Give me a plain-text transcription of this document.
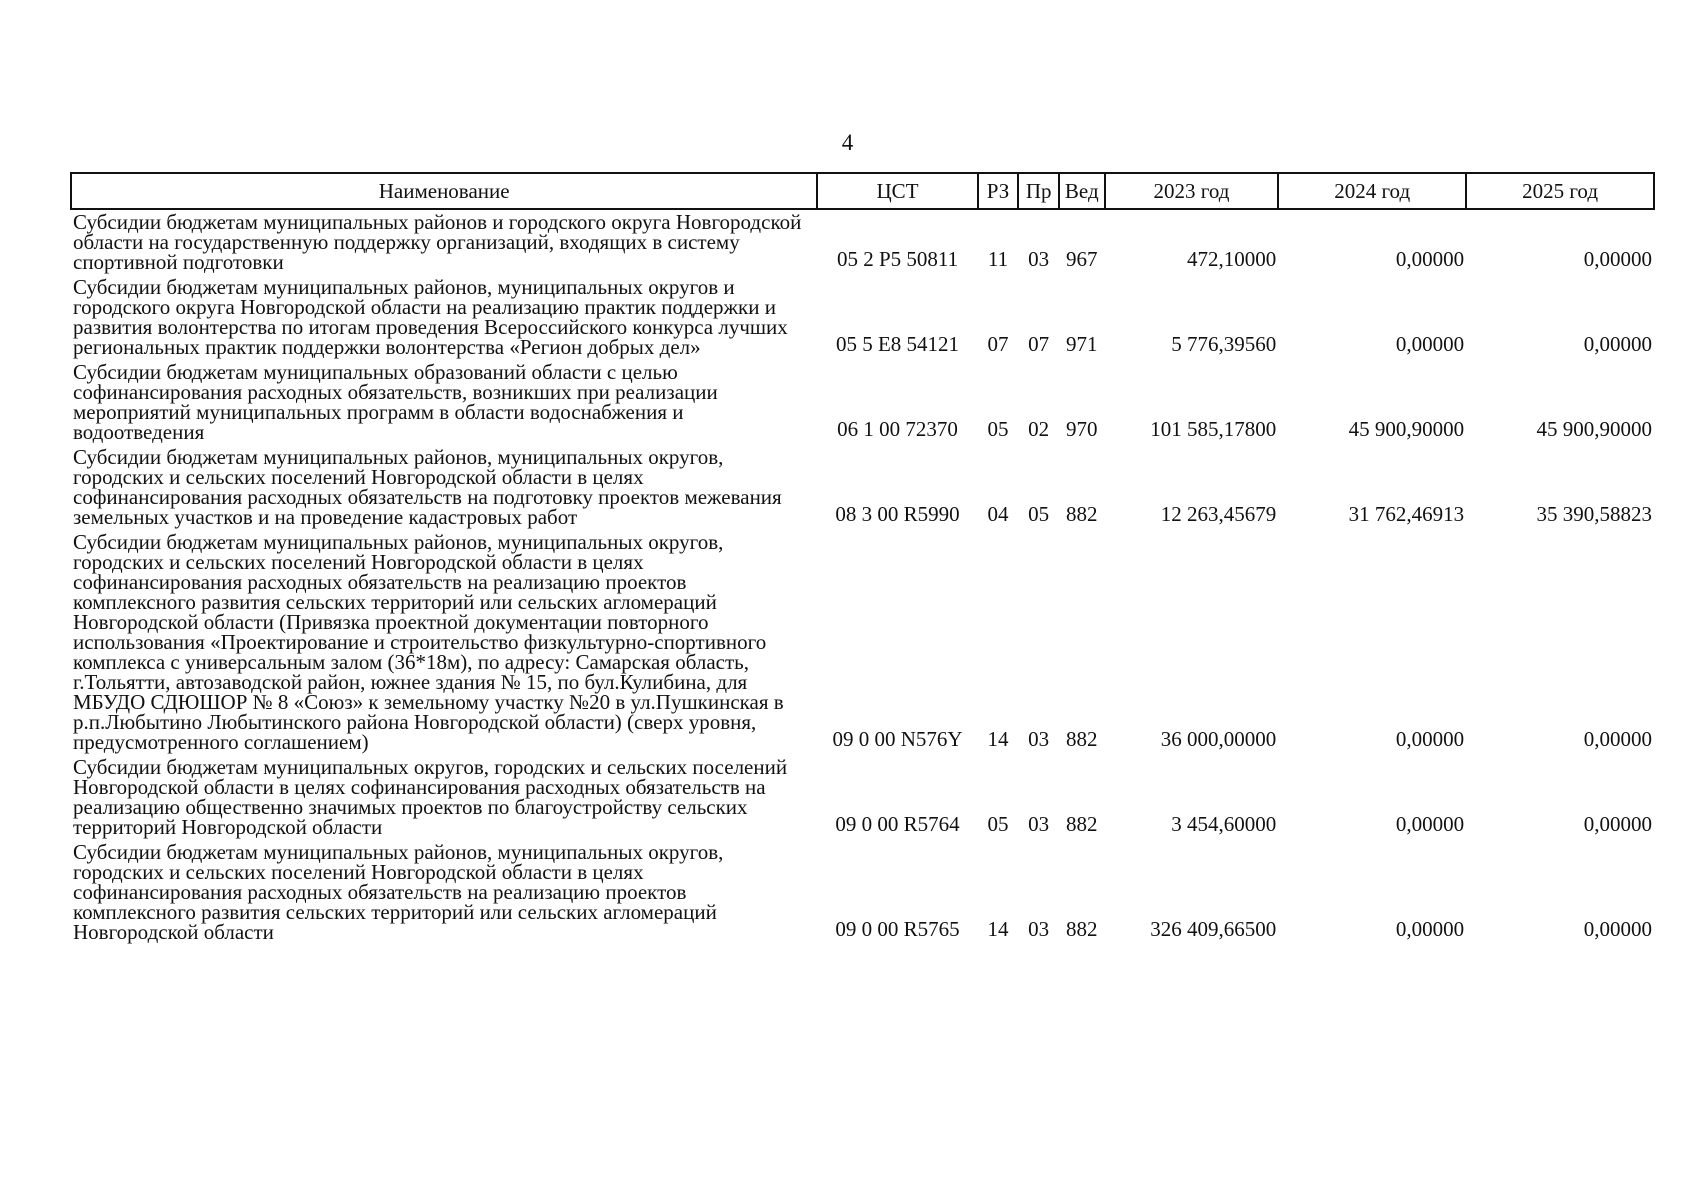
4
Наименование	ЦСТ	РЗ	Пр	Вед	2023 год	2024 год	2025 год
Субсидии бюджетам муниципальных районов и городского округа Новгородской области на государственную поддержку организаций, входящих в систему спортивной подготовки	05 2 P5 50811	11	03	967	472,10000	0,00000	0,00000
Субсидии бюджетам муниципальных районов, муниципальных округов и городского округа Новгородской области на реализацию практик поддержки и развития волонтерства по итогам проведения Всероссийского конкурса лучших региональных практик поддержки волонтерства «Регион добрых дел»	05 5 E8 54121	07	07	971	5 776,39560	0,00000	0,00000
Субсидии бюджетам муниципальных образований области с целью софинансирования расходных обязательств, возникших при реализации мероприятий муниципальных программ в области водоснабжения и водоотведения	06 1 00 72370	05	02	970	101 585,17800	45 900,90000	45 900,90000
Субсидии бюджетам муниципальных районов, муниципальных округов, городских и сельских поселений Новгородской области в целях софинансирования расходных обязательств на подготовку проектов межевания земельных участков и на проведение кадастровых работ	08 3 00 R5990	04	05	882	12 263,45679	31 762,46913	35 390,58823
Субсидии бюджетам муниципальных районов, муниципальных округов, городских и сельских поселений Новгородской области в целях софинансирования расходных обязательств на реализацию проектов комплексного развития сельских территорий или сельских агломераций Новгородской области (Привязка проектной документации повторного использования «Проектирование и строительство физкультурно-спортивного комплекса с универсальным залом (36*18м), по адресу: Самарская область, г.Тольятти, автозаводской район, южнее здания № 15, по бул.Кулибина, для МБУДО СДЮШОР № 8 «Союз» к земельному участку №20 в ул.Пушкинская в р.п.Любытино Любытинского района Новгородской области) (сверх уровня, предусмотренного соглашением)	09 0 00 N576Y	14	03	882	36 000,00000	0,00000	0,00000
Субсидии бюджетам муниципальных округов, городских и сельских поселений Новгородской области в целях софинансирования расходных обязательств на реализацию общественно значимых проектов по благоустройству сельских территорий Новгородской области	09 0 00 R5764	05	03	882	3 454,60000	0,00000	0,00000
Субсидии бюджетам муниципальных районов, муниципальных округов, городских и сельских поселений Новгородской области в целях софинансирования расходных обязательств на реализацию проектов комплексного развития сельских территорий или сельских агломераций Новгородской области	09 0 00 R5765	14	03	882	326 409,66500	0,00000	0,00000
